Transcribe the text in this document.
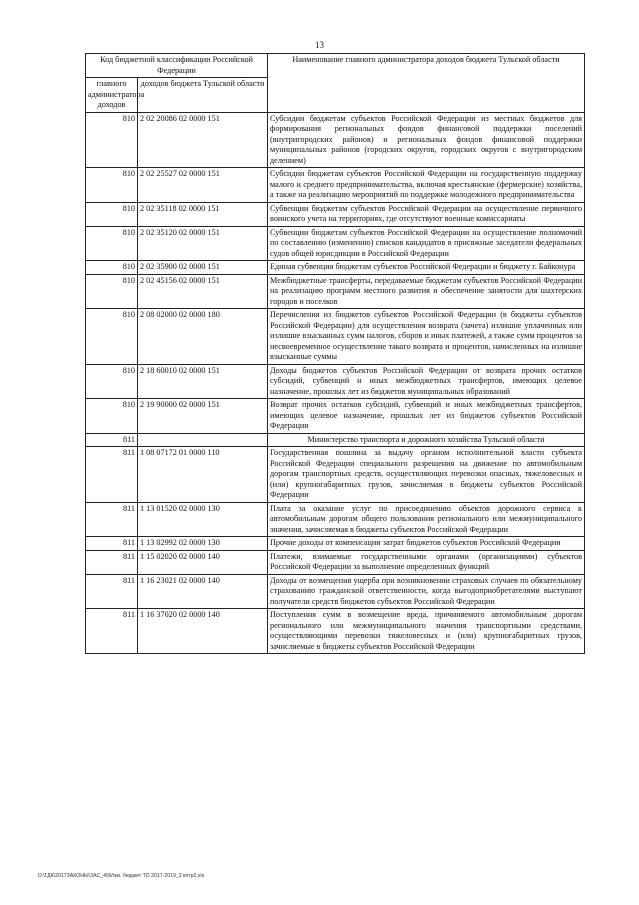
13
Код бюджетной классификации Российской Федерации		Наименование главного администратора доходов бюджета Тульской области
главного администратора доходов	доходов бюджета Тульской области	
810	2 02 20086 02 0000 151	Субсидии бюджетам субъектов Российской Федерации из местных бюджетов для формирования региональных фондов финансовой поддержки поселений (внутригородских районов) и региональных фондов финансовой поддержки муниципальных районов (городских округов, городских округов с внутригородским делением)
810	2 02 25527 02 0000 151	Субсидии бюджетам субъектов Российской Федерации на государственную поддержку малого и среднего предпринимательства, включая крестьянские (фермерские) хозяйства, а также на реализацию мероприятий по поддержке молодежного предпринимательства
810	2 02 35118 02 0000 151	Субвенции бюджетам субъектов Российской Федерации на осуществление первичного воинского учета на территориях, где отсутствуют военные комиссариаты
810	2 02 35120 02 0000 151	Субвенции бюджетам субъектов Российской Федерации на осуществление полномочий по составлению (изменению) списков кандидатов в присяжные заседатели федеральных судов общей юрисдикции в Российской Федерации
810	2 02 35900 02 0000 151	Единая субвенция бюджетам субъектов Российской Федерации и бюджету г. Байконура
810	2 02 45156 02 0000 151	Межбюджетные трансферты, передаваемые бюджетам субъектов Российской Федерации на реализацию программ местного развития и обеспечение занятости для шахтерских городов и поселков
810	2 08 02000 02 0000 180	Перечисления из бюджетов субъектов Российской Федерации (в бюджеты субъектов Российской Федерации) для осуществления возврата (зачета) излишне уплаченных или излишне взысканных сумм налогов, сборов и иных платежей, а также сумм процентов за несвоевременное осуществление такого возврата и процентов, начисленных на излишне взысканные суммы
810	2 18 60010 02 0000 151	Доходы бюджетов субъектов Российской Федерации от возврата прочих остатков субсидий, субвенций и иных межбюджетных трансфертов, имеющих целевое назначение, прошлых лет из бюджетов муниципальных образований
810	2 19 90000 02 0000 151	Возврат прочих остатков субсидий, субвенций и иных межбюджетных трансфертов, имеющих целевое назначение, прошлых лет из бюджетов субъектов Российской Федерации
811		Министерство транспорта и дорожного хозяйства Тульской области
811	1 08 07172 01 0000 110	Государственная пошлина за выдачу органом исполнительной власти субъекта Российской Федерации специального разрешения на движение по автомобильным дорогам транспортных средств, осуществляющих перевозки опасных, тяжеловесных и (или) крупногабаритных грузов, зачисляемая в бюджеты субъектов Российской Федерации
811	1 13 01520 02 0000 130	Плата за оказание услуг по присоединению объектов дорожного сервиса к автомобильным дорогам общего пользования регионального или межмуниципального значения, зачисляемая в бюджеты субъектов Российской Федерации
811	1 13 02992 02 0000 130	Прочие доходы от компенсации затрат бюджетов субъектов Российской Федерации
811	1 15 02020 02 0000 140	Платежи, взимаемые государственными органами (организациями) субъектов Российской Федерации за выполнение определенных функций
811	1 16 23021 02 0000 140	Доходы от возмещения ущерба при возникновении страховых случаев по обязательному страхованию гражданской ответственности, когда выгодоприобретателями выступают получатели средств бюджетов субъектов Российской Федерации
811	1 16 37020 02 0000 140	Поступления сумм в возмещение вреда, причиняемого автомобильным дорогам регионального или межмуниципального значения транспортными средствами, осуществляющими перевозки тяжеловесных и (или) крупногабаритных грузов, зачисляемые в бюджеты субъектов Российской Федерации
D:\ГДК\2017ЗАКОНЫ\ЗАС_40\Изм. бюджет ТО 2017-2019_2 вчтр2.xls
